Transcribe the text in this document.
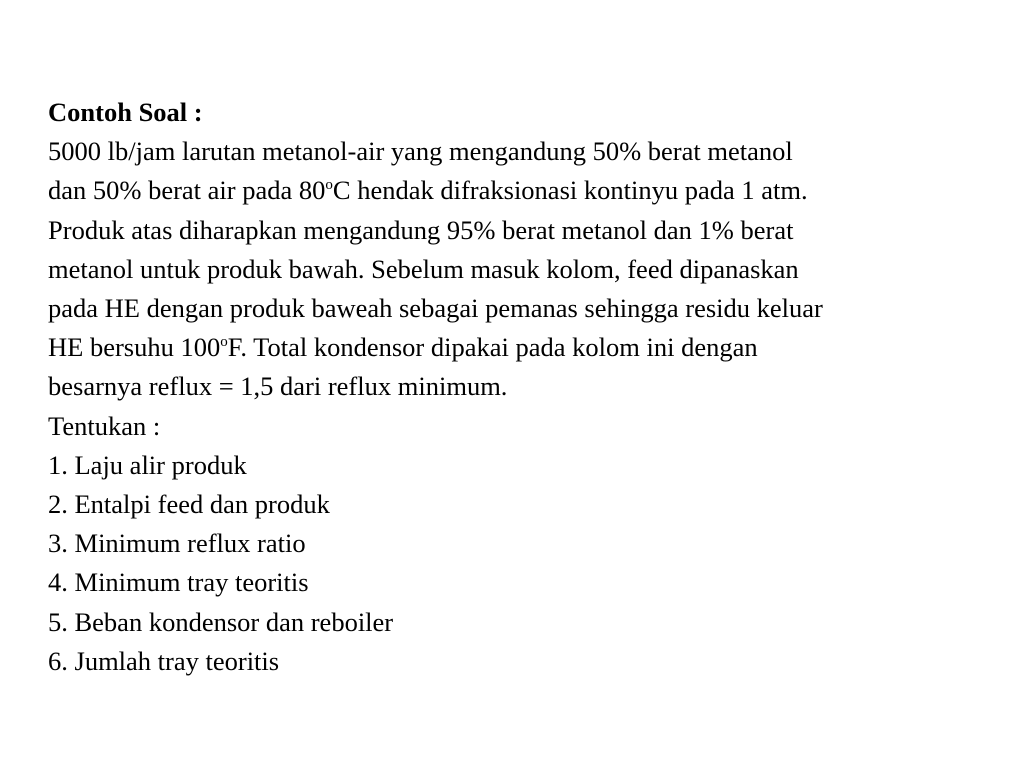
Contoh Soal :
5000 lb/jam larutan metanol-air yang mengandung 50% berat metanol
dan 50% berat air pada 80$^o$C hendak difraksionasi kontinyu pada 1 atm.
Produk atas diharapkan mengandung 95% berat metanol dan 1% berat
metanol untuk produk bawah. Sebelum masuk kolom, feed dipanaskan
pada HE dengan produk baweah sebagai pemanas sehingga residu keluar
HE bersuhu 100$^o$F. Total kondensor dipakai pada kolom ini dengan
besarnya reflux = 1,5 dari reflux minimum.
Tentukan :
1. Laju alir produk
2. Entalpi feed dan produk
3. Minimum reflux ratio
4. Minimum tray teoritis
5. Beban kondensor dan reboiler
6. Jumlah tray teoritis
